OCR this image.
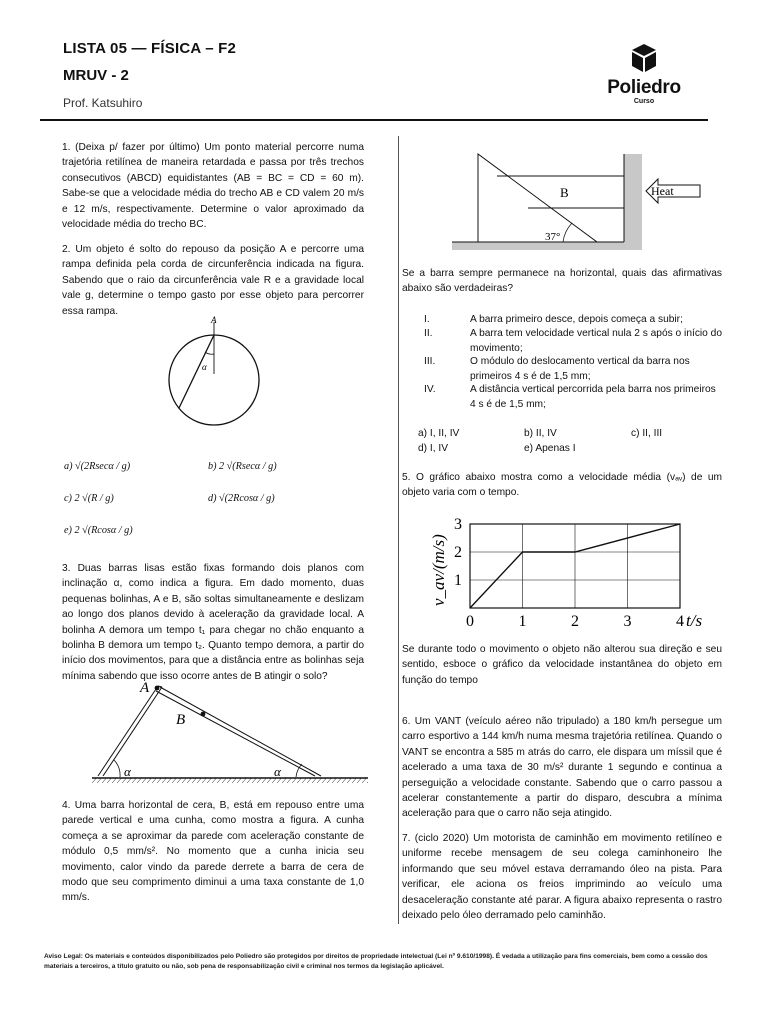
LISTA 05 — FÍSICA – F2
MRUV - 2
Prof. Katsuhiro
Poliedro
Curso

1. (Deixa p/ fazer por último) Um ponto material percorre numa trajetória retilínea de maneira retardada e passa por três trechos consecutivos (ABCD) equidistantes (AB = BC = CD = 60 m). Sabe-se que a velocidade média do trecho AB e CD valem 20 m/s e 12 m/s, respectivamente. Determine o valor aproximado da velocidade média do trecho BC.

2. Um objeto é solto do repouso da posição A e percorre uma rampa definida pela corda de circunferência indicada na figura. Sabendo que o raio da circunferência vale R e a gravidade local vale g, determine o tempo gasto por esse objeto para percorrer essa rampa.

A
α
a) √(2Rsecα / g)	b) 2 √(Rsecα / g)
c) 2 √(R / g)	d) √(2Rcosα / g)
e) 2 √(Rcosα / g)

3. Duas barras lisas estão fixas formando dois planos com inclinação α, como indica a figura. Em dado momento, duas pequenas bolinhas, A e B, são soltas simultaneamente e deslizam ao longo dos planos devido à aceleração da gravidade local. A bolinha A demora um tempo t₁ para chegar no chão enquanto a bolinha B demora um tempo t₂. Quanto tempo demora, a partir do início dos movimentos, para que a distância entre as bolinhas seja mínima sabendo que isso ocorre antes de B atingir o solo?

A
B
α	α

4. Uma barra horizontal de cera, B, está em repouso entre uma parede vertical e uma cunha, como mostra a figura. A cunha começa a se aproximar da parede com aceleração constante de módulo 0,5 mm/s². No momento que a cunha inicia seu movimento, calor vindo da parede derrete a barra de cera de modo que seu comprimento diminui a uma taxa constante de 1,0 mm/s.

B	Heat
37°

Se a barra sempre permanece na horizontal, quais das afirmativas abaixo são verdadeiras?

I.	A barra primeiro desce, depois começa a subir;
II.	A barra tem velocidade vertical nula 2 s após o início do movimento;
III.	O módulo do deslocamento vertical da barra nos primeiros 4 s é de 1,5 mm;
IV.	A distância vertical percorrida pela barra nos primeiros 4 s é de 1,5 mm;
a) I, II, IV	b) II, IV	c) II, III
d) I, IV	e) Apenas I

5. O gráfico abaixo mostra como a velocidade média (vₐᵥ) de um objeto varia com o tempo.

0	1	2	3	4
1
2
3
t/s
v_av/(m/s)

Se durante todo o movimento o objeto não alterou sua direção e seu sentido, esboce o gráfico da velocidade instantânea do objeto em função do tempo

6. Um VANT (veículo aéreo não tripulado) a 180 km/h persegue um carro esportivo a 144 km/h numa mesma trajetória retilínea. Quando o VANT se encontra a 585 m atrás do carro, ele dispara um míssil que é acelerado a uma taxa de 30 m/s² durante 1 segundo e continua a perseguição a velocidade constante. Sabendo que o carro passou a acelerar constantemente a partir do disparo, descubra a mínima aceleração para que o carro não seja atingido.

7. (ciclo 2020) Um motorista de caminhão em movimento retilíneo e uniforme recebe mensagem de seu colega caminhoneiro lhe informando que seu móvel estava derramando óleo na pista. Para verificar, ele aciona os freios imprimindo ao veículo uma desaceleração constante até parar. A figura abaixo representa o rastro deixado pelo óleo derramado pelo caminhão.

Aviso Legal: Os materiais e conteúdos disponibilizados pelo Poliedro são protegidos por direitos de propriedade intelectual (Lei nº 9.610/1998). É vedada a utilização para fins comerciais, bem como a cessão dos materiais a terceiros, a título gratuito ou não, sob pena de responsabilização civil e criminal nos termos da legislação aplicável.
